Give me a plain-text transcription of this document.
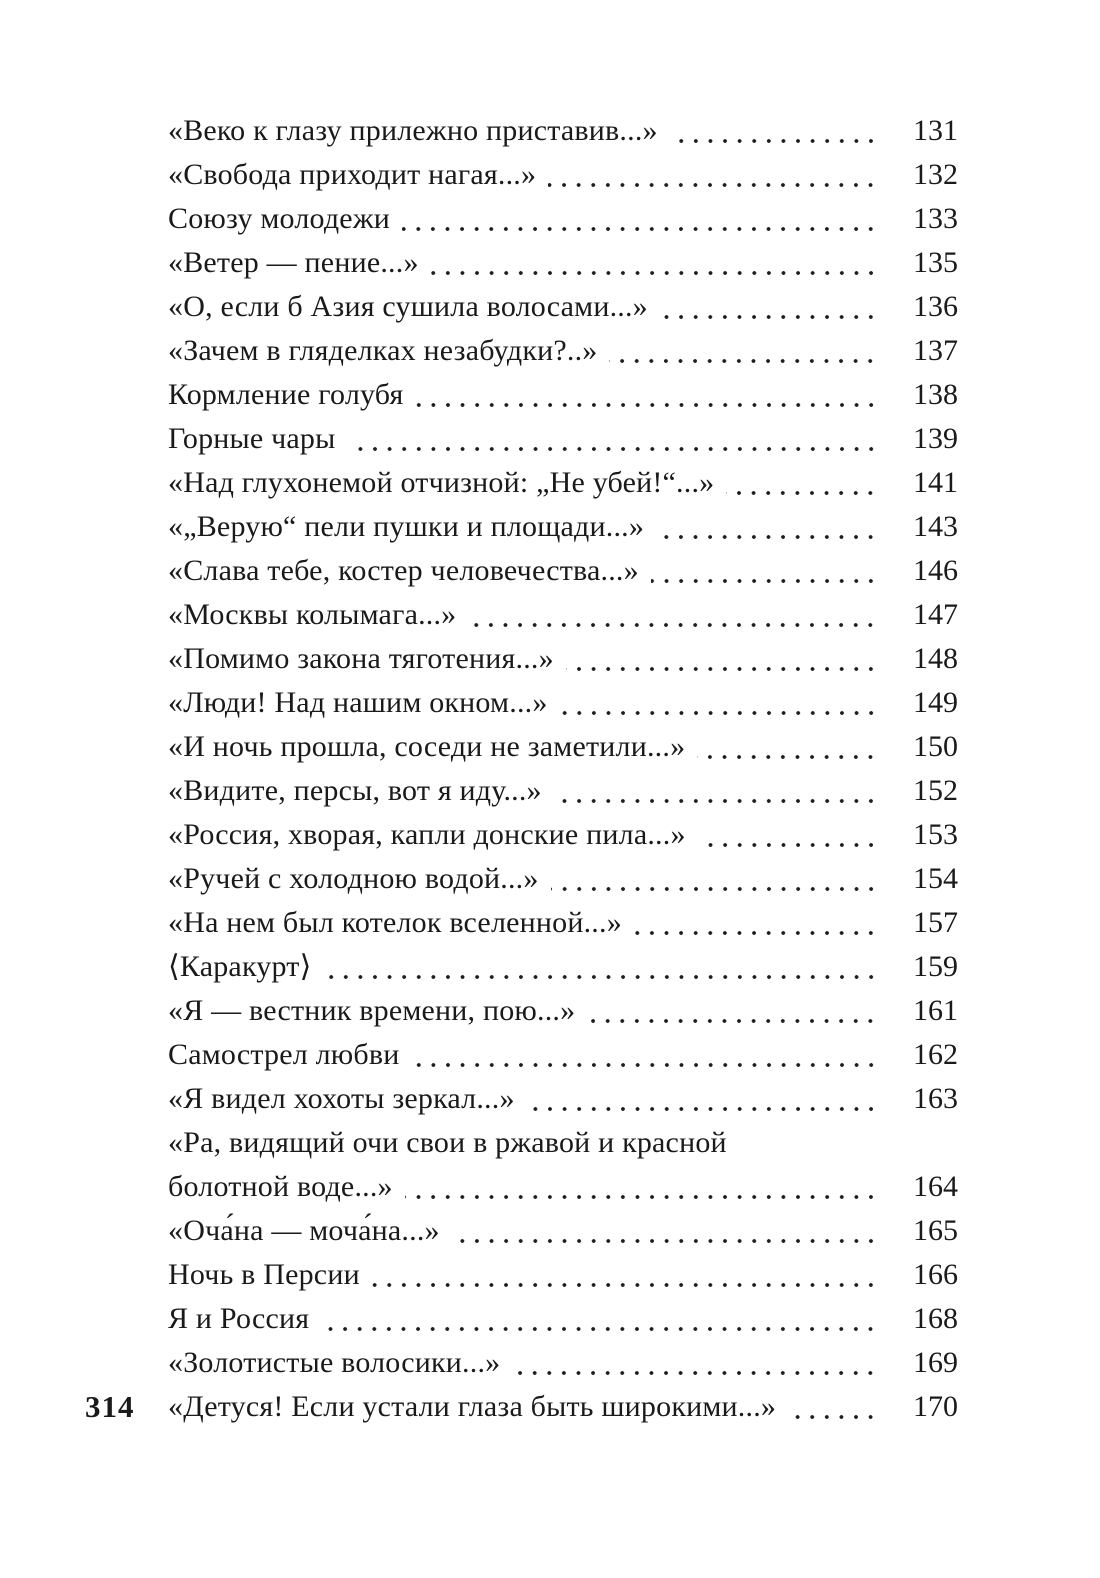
314
«Веко к глазу прилежно приставив...»	131
«Свобода приходит нагая...»	132
Союзу молодежи	133
«Ветер — пение...»	135
«О, если б Азия сушила волосами...»	136
«Зачем в гляделках незабудки?..»	137
Кормление голубя	138
Горные чары	139
«Над глухонемой отчизной: „Не убей!“...»	141
«„Верую“ пели пушки и площади...»	143
«Слава тебе, костер человечества...»	146
«Москвы колымага...»	147
«Помимо закона тяготения...»	148
«Люди! Над нашим окном...»	149
«И ночь прошла, соседи не заметили...»	150
«Видите, персы, вот я иду...»	152
«Россия, хворая, капли донские пила...»	153
«Ручей с холодною водой...»	154
«На нем был котелок вселенной...»	157
⟨Каракурт⟩	159
«Я — вестник времени, пою...»	161
Самострел любви	162
«Я видел хохоты зеркал...»	163
«Ра, видящий очи свои в ржавой и красной
болотной воде...»	164
«Оча́на — моча́на...»	165
Ночь в Персии	166
Я и Россия	168
«Золотистые волосики...»	169
«Детуся! Если устали глаза быть широкими...»	170
